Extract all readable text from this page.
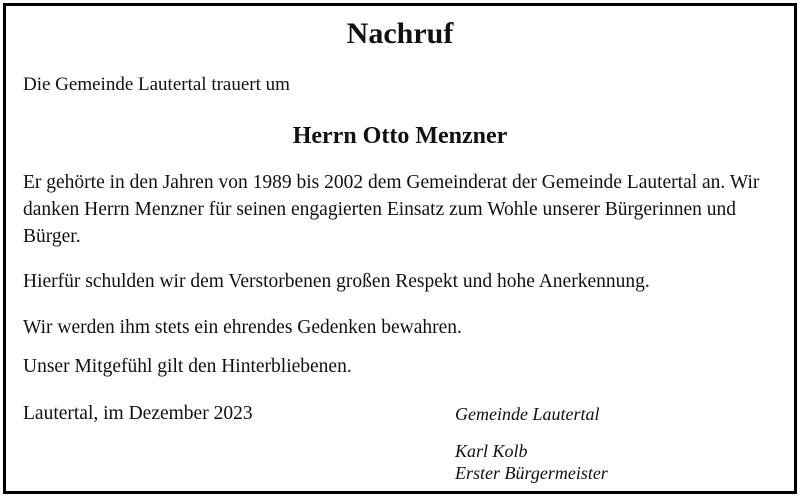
Nachruf
Die Gemeinde Lautertal trauert um
Herrn Otto Menzner
Er gehörte in den Jahren von 1989 bis 2002 dem Gemeinderat der Gemeinde Lautertal an. Wir danken Herrn Menzner für seinen engagierten Einsatz zum Wohle unserer Bürgerinnen und Bürger.
Hierfür schulden wir dem Verstorbenen großen Respekt und hohe Anerkennung.
Wir werden ihm stets ein ehrendes Gedenken bewahren.
Unser Mitgefühl gilt den Hinterbliebenen.
Lautertal, im Dezember 2023	Gemeinde Lautertal
Karl Kolb
Erster Bürgermeister
